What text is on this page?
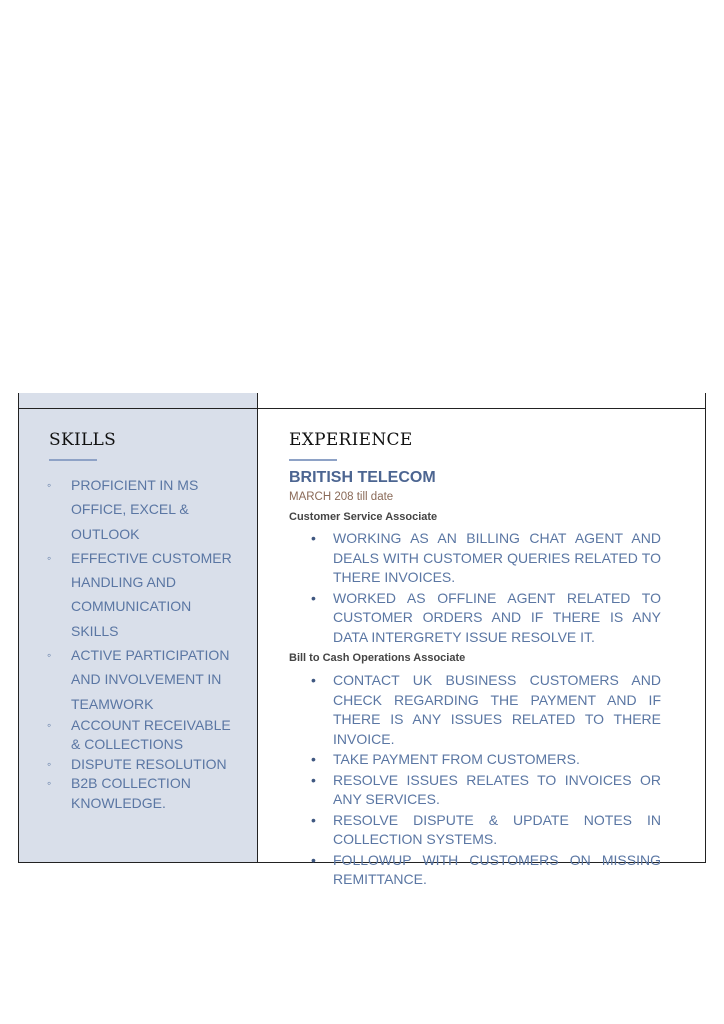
SKILLS
◦ PROFICIENT IN MS OFFICE, EXCEL & OUTLOOK
◦ EFFECTIVE CUSTOMER HANDLING AND COMMUNICATION SKILLS
◦ ACTIVE PARTICIPATION AND INVOLVEMENT IN TEAMWORK
◦ ACCOUNT RECEIVABLE & COLLECTIONS
◦ DISPUTE RESOLUTION
◦ B2B COLLECTION KNOWLEDGE.
EXPERIENCE
BRITISH TELECOM
MARCH 208 till date
Customer Service Associate
• WORKING AS AN BILLING CHAT AGENT AND DEALS WITH CUSTOMER QUERIES RELATED TO THERE INVOICES.
• WORKED AS OFFLINE AGENT RELATED TO CUSTOMER ORDERS AND IF THERE IS ANY DATA INTERGRETY ISSUE RESOLVE IT.
Bill to Cash Operations Associate
• CONTACT UK BUSINESS CUSTOMERS AND CHECK REGARDING THE PAYMENT AND IF THERE IS ANY ISSUES RELATED TO THERE INVOICE.
• TAKE PAYMENT FROM CUSTOMERS.
• RESOLVE ISSUES RELATES TO INVOICES OR ANY SERVICES.
• RESOLVE DISPUTE & UPDATE NOTES IN COLLECTION SYSTEMS.
• FOLLOWUP WITH CUSTOMERS ON MISSING REMITTANCE.
